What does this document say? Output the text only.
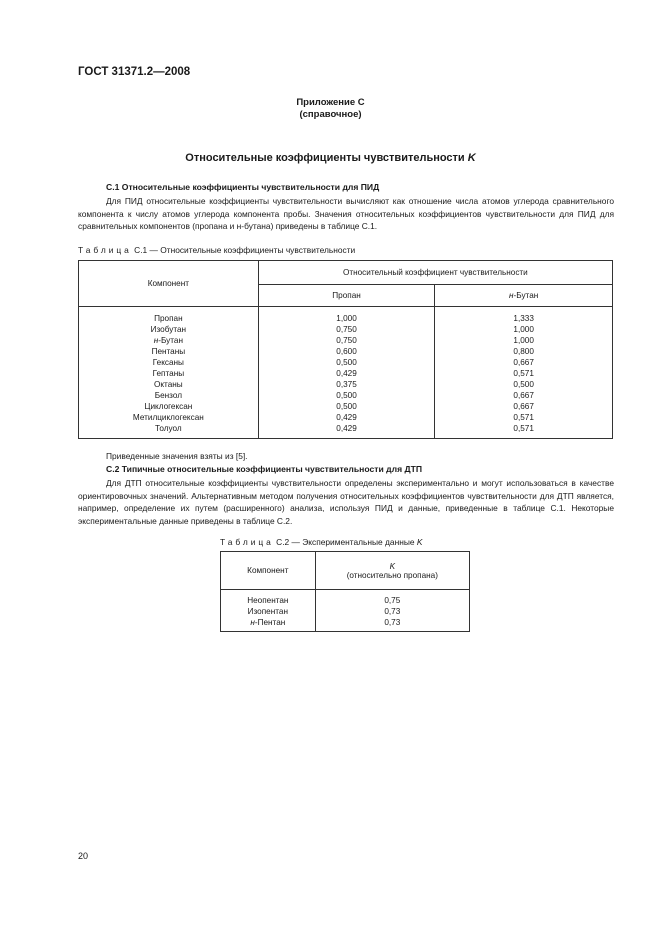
ГОСТ 31371.2—2008
Приложение С
(справочное)
Относительные коэффициенты чувствительности K
С.1 Относительные коэффициенты чувствительности для ПИД
Для ПИД относительные коэффициенты чувствительности вычисляют как отношение числа атомов углерода сравнительного компонента к числу атомов углерода компонента пробы. Значения относительных коэффициентов чувствительности для ПИД для сравнительных компонентов (пропана и н-бутана) приведены в таблице С.1.
Таблица С.1 — Относительные коэффициенты чувствительности
Компонент	Относительный коэффициент чувствительности	
	Пропан	н-Бутан
Пропан	1,000	1,333
Изобутан	0,750	1,000
н-Бутан	0,750	1,000
Пентаны	0,600	0,800
Гексаны	0,500	0,667
Гептаны	0,429	0,571
Октаны	0,375	0,500
Бензол	0,500	0,667
Циклогексан	0,500	0,667
Метилциклогексан	0,429	0,571
Толуол	0,429	0,571
Приведенные значения взяты из [5].
С.2 Типичные относительные коэффициенты чувствительности для ДТП
Для ДТП относительные коэффициенты чувствительности определены экспериментально и могут использоваться в качестве ориентировочных значений. Альтернативным методом получения относительных коэффициентов чувствительности для ДТП является, например, определение их путем (расширенного) анализа, используя ПИД и данные, приведенные в таблице С.1. Некоторые экспериментальные данные приведены в таблице С.2.
Таблица С.2 — Экспериментальные данные K
Компонент	K
(относительно пропана)
Неопентан	0,75
Изопентан	0,73
н-Пентан	0,73
20
